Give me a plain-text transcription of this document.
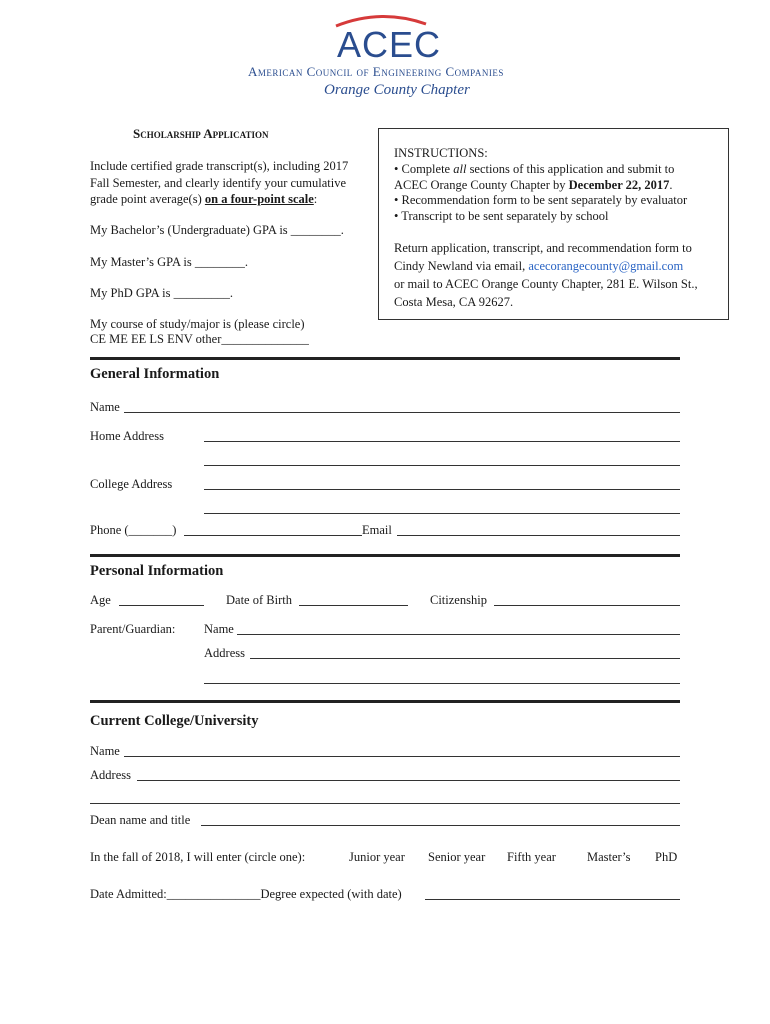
ACEC
American Council of Engineering Companies
Orange County Chapter
Scholarship Application
Include certified grade transcript(s), including 2017
Fall Semester, and clearly identify your cumulative
grade point average(s) on a four-point scale:
My Bachelor’s (Undergraduate) GPA is ________.
My Master’s GPA is ________.
My PhD GPA is _________.
My course of study/major is (please circle)
CE ME EE LS ENV other______________
INSTRUCTIONS:
• Complete all sections of this application and submit to
ACEC Orange County Chapter by December 22, 2017.
• Recommendation form to be sent separately by evaluator
• Transcript to be sent separately by school
Return application, transcript, and recommendation form to
Cindy Newland via email, acecorangecounty@gmail.com
or mail to ACEC Orange County Chapter, 281 E. Wilson St.,
Costa Mesa, CA 92627.
General Information
Name
Home Address
College Address
Phone (_______)	Email
Personal Information
Age	Date of Birth	Citizenship
Parent/Guardian: Name
Address
Current College/University
Name
Address
Dean name and title
In the fall of 2018, I will enter (circle one):	Junior year Senior year Fifth year Master’s PhD
Date Admitted:_______________Degree expected (with date)
